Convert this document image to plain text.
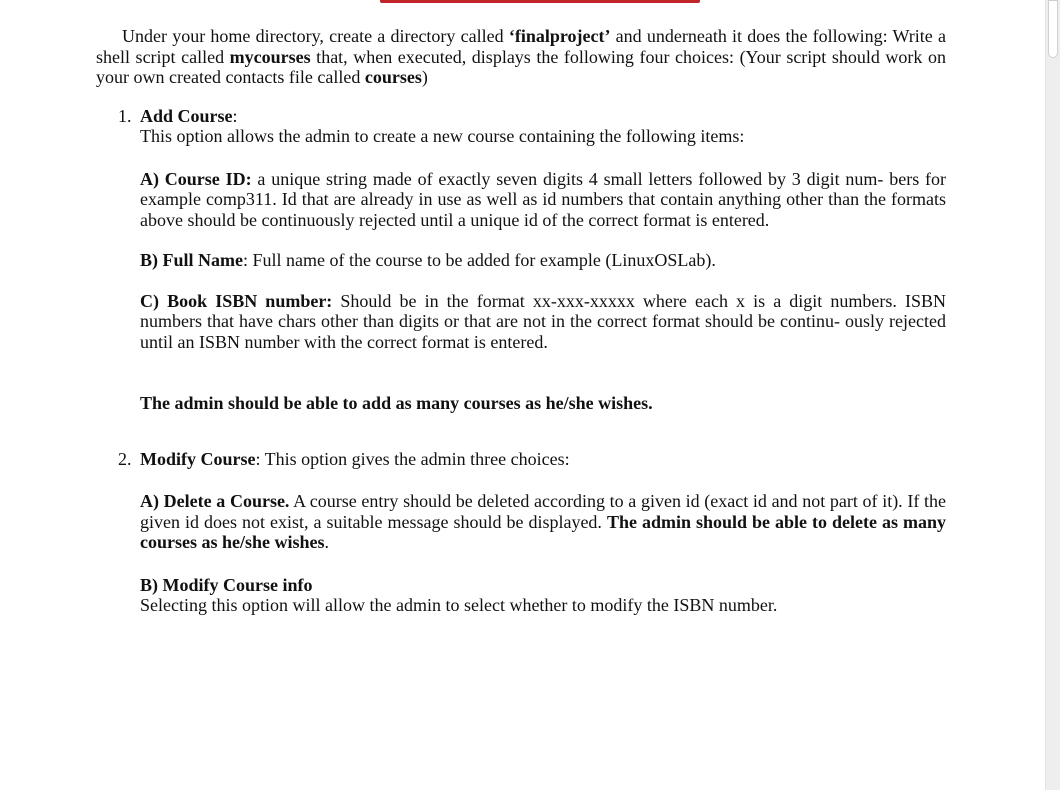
Under your home directory, create a directory called ‘finalproject’ and underneath it does the following: Write a shell script called mycourses that, when executed, displays the following four choices: (Your script should work on your own created contacts file called courses)

1. Add Course:

This option allows the admin to create a new course containing the following items:

A) Course ID: a unique string made of exactly seven digits 4 small letters followed by 3 digit num- bers for example comp311. Id that are already in use as well as id numbers that contain anything other than the formats above should be continuously rejected until a unique id of the correct format is entered.

B) Full Name: Full name of the course to be added for example (LinuxOSLab).

C) Book ISBN number: Should be in the format xx-xxx-xxxxx where each x is a digit numbers. ISBN numbers that have chars other than digits or that are not in the correct format should be continu- ously rejected until an ISBN number with the correct format is entered.

The admin should be able to add as many courses as he/she wishes.

2. Modify Course: This option gives the admin three choices:

A) Delete a Course. A course entry should be deleted according to a given id (exact id and not part of it). If the given id does not exist, a suitable message should be displayed. The admin should be able to delete as many courses as he/she wishes.

B) Modify Course info

Selecting this option will allow the admin to select whether to modify the ISBN number.
